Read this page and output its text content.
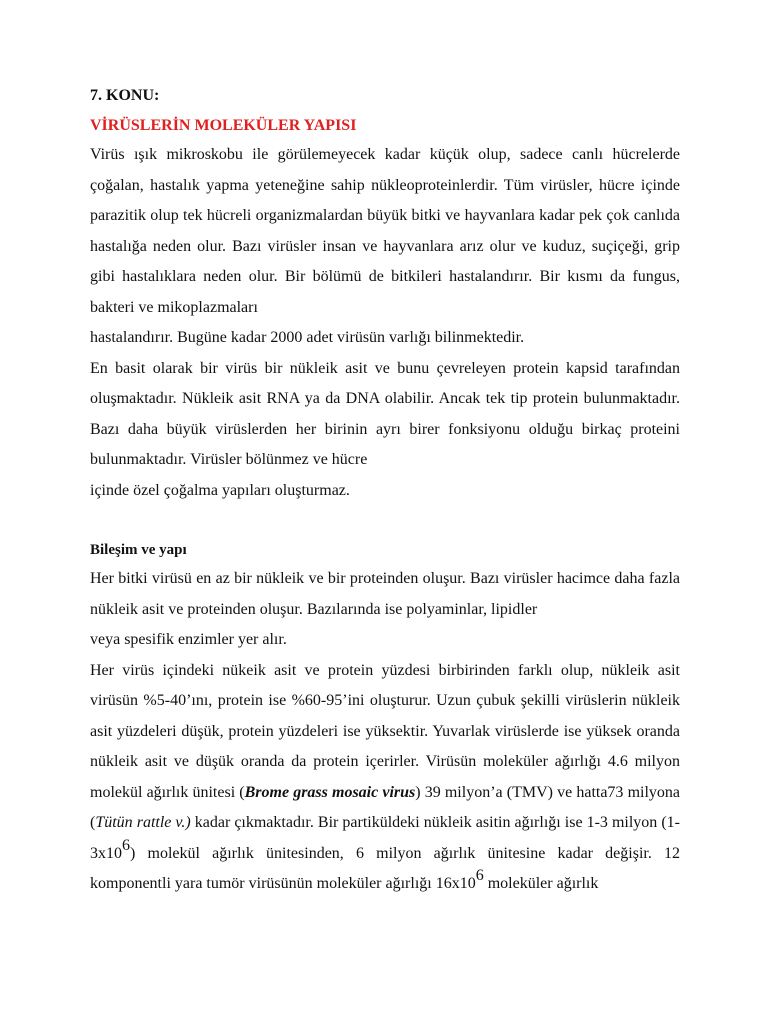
7. KONU:
VİRÜSLERİN MOLEKÜLER YAPISI

Virüs ışık mikroskobu ile görülemeyecek kadar küçük olup, sadece canlı hücrelerde çoğalan, hastalık yapma yeteneğine sahip nükleoproteinlerdir. Tüm virüsler, hücre içinde parazitik olup tek hücreli organizmalardan büyük bitki ve hayvanlara kadar pek çok canlıda hastalığa neden olur. Bazı virüsler insan ve hayvanlara arız olur ve kuduz, suçiçeği, grip gibi hastalıklara neden olur. Bir bölümü de bitkileri hastalandırır. Bir kısmı da fungus, bakteri ve mikoplazmaları

hastalandırır. Bugüne kadar 2000 adet virüsün varlığı bilinmektedir.

En basit olarak bir virüs bir nükleik asit ve bunu çevreleyen protein kapsid tarafından oluşmaktadır. Nükleik asit RNA ya da DNA olabilir. Ancak tek tip protein bulunmaktadır. Bazı daha büyük virüslerden her birinin ayrı birer fonksiyonu olduğu birkaç proteini bulunmaktadır. Virüsler bölünmez ve hücre

içinde özel çoğalma yapıları oluşturmaz.

Bileşim ve yapı

Her bitki virüsü en az bir nükleik ve bir proteinden oluşur. Bazı virüsler hacimce daha fazla nükleik asit ve proteinden oluşur. Bazılarında ise polyaminlar, lipidler

veya spesifik enzimler yer alır.

Her virüs içindeki nükeik asit ve protein yüzdesi birbirinden farklı olup, nükleik asit virüsün %5-40’ını, protein ise %60-95’ini oluşturur. Uzun çubuk şekilli virüslerin nükleik asit yüzdeleri düşük, protein yüzdeleri ise yüksektir. Yuvarlak virüslerde ise yüksek oranda nükleik asit ve düşük oranda da protein içerirler. Virüsün moleküler ağırlığı 4.6 milyon molekül ağırlık ünitesi (Brome grass mosaic virus) 39 milyon’a (TMV) ve hatta73 milyona (Tütün rattle v.) kadar çıkmaktadır. Bir partiküldeki nükleik asitin ağırlığı ise 1-3 milyon $(1-3x10^6)$ molekül ağırlık ünitesinden, 6 milyon ağırlık ünitesine kadar değişir. 12 komponentli yara tumör virüsünün moleküler ağırlığı $16x10^6$ moleküler ağırlık
